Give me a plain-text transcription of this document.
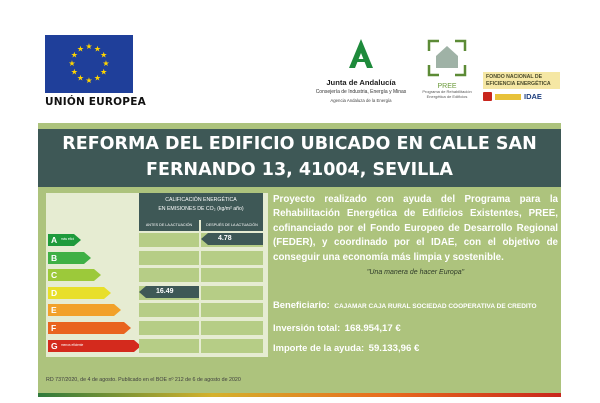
★ ★
★
★
★
★
★
★
★
★
★
★
UNIÓN EUROPEA
Junta de Andalucía
Consejería de Industria, Energía y Minas
Agencia Andaluza de la Energía
PREE
Programa de Rehabilitación Energética de Edificios
FONDO NACIONAL DE EFICIENCIA ENERGÉTICA
IDAE
REFORMA DEL EDIFICIO UBICADO EN CALLE SAN
FERNANDO 13, 41004, SEVILLA
CALIFICACIÓN ENERGÉTICA
EN EMISIONES DE CO₂ (kg/m² año)
ANTES DE LA ACTUACIÓN	DESPUÉS DE LA ACTUACIÓN
A más eficiente
B
C
D
E
F
G menos eficiente
16.49
4.78
Proyecto realizado con ayuda del Programa para la Rehabilitación Energética de Edificios Existentes, PREE, cofinanciado por el Fondo Europeo de Desarrollo Regional (FEDER), y coordinado por el IDAE, con el objetivo de conseguir una economía más limpia y sostenible.
"Una manera de hacer Europa"
Beneficiario: CAJAMAR CAJA RURAL SOCIEDAD COOPERATIVA DE CREDITO
Inversión total: 168.954,17 €
Importe de la ayuda: 59.133,96 €
RD 737/2020, de 4 de agosto. Publicado en el BOE nº 212 de 6 de agosto de 2020
